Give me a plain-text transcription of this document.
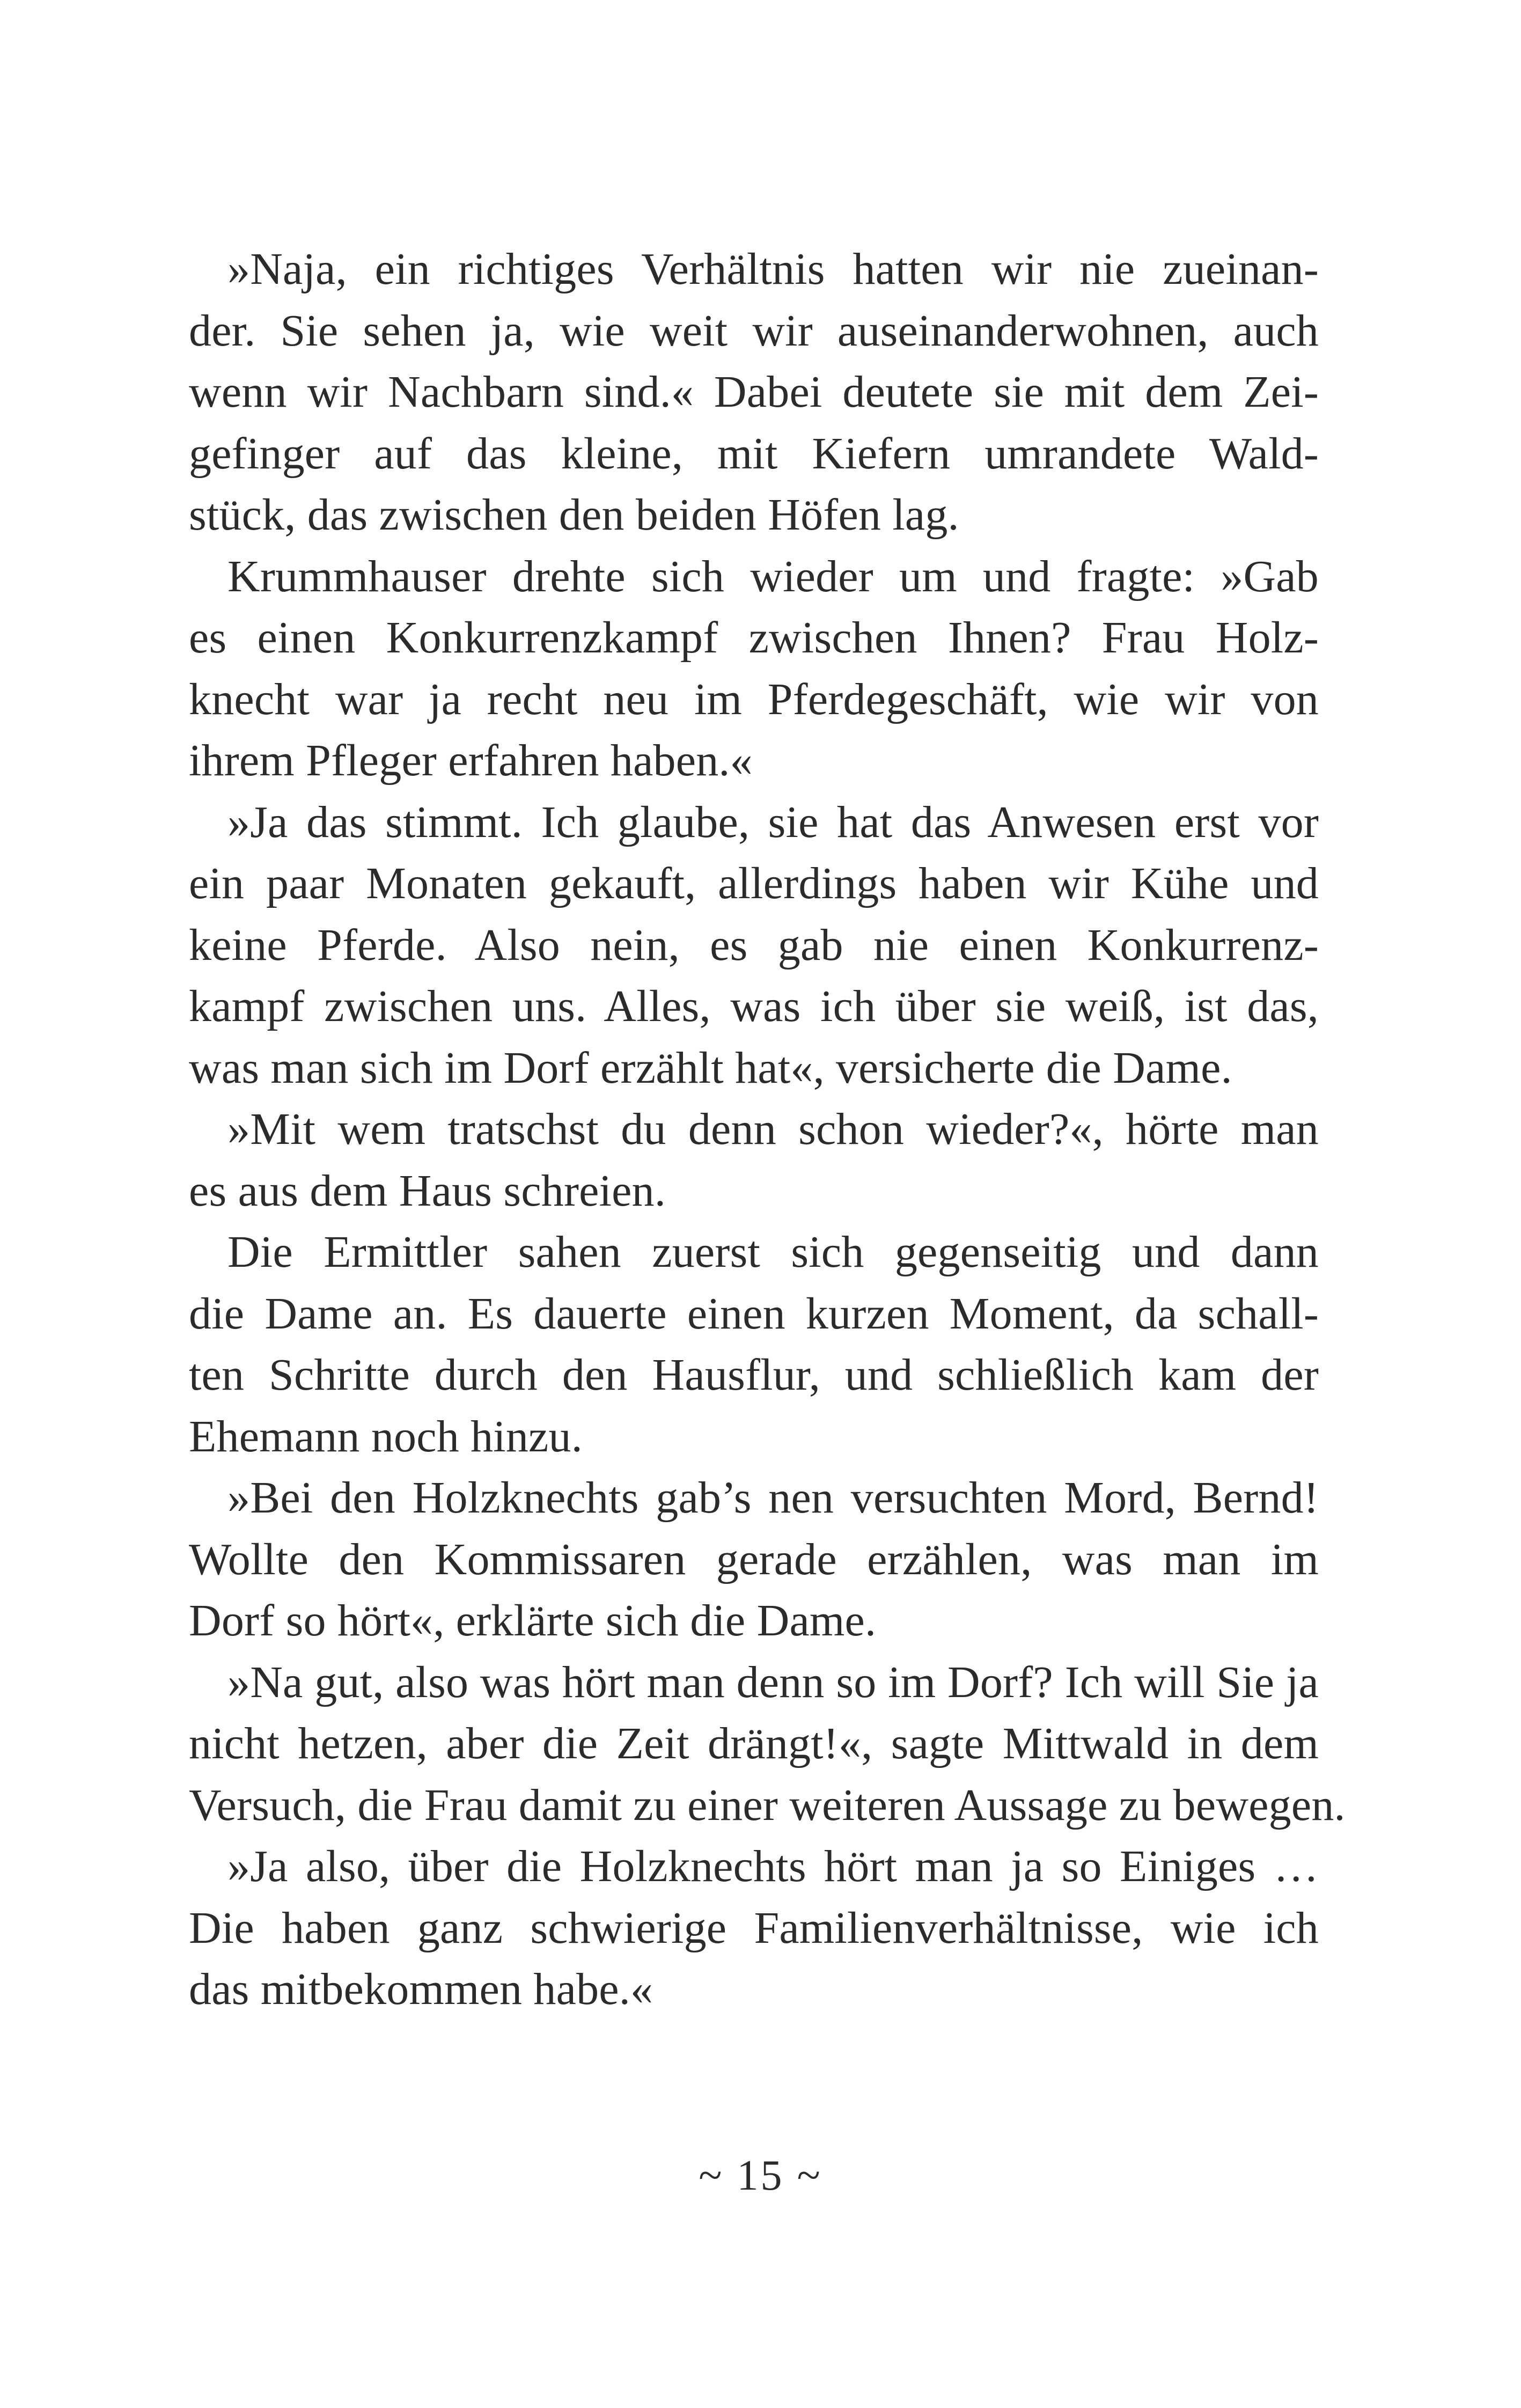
»Naja, ein richtiges Verhältnis hatten wir nie zueinan-
der. Sie sehen ja, wie weit wir auseinanderwohnen, auch
wenn wir Nachbarn sind.« Dabei deutete sie mit dem Zei-
gefinger auf das kleine, mit Kiefern umrandete Wald-
stück, das zwischen den beiden Höfen lag.
Krummhauser drehte sich wieder um und fragte: »Gab
es einen Konkurrenzkampf zwischen Ihnen? Frau Holz-
knecht war ja recht neu im Pferdegeschäft, wie wir von
ihrem Pfleger erfahren haben.«
»Ja das stimmt. Ich glaube, sie hat das Anwesen erst vor
ein paar Monaten gekauft, allerdings haben wir Kühe und
keine Pferde. Also nein, es gab nie einen Konkurrenz-
kampf zwischen uns. Alles, was ich über sie weiß, ist das,
was man sich im Dorf erzählt hat«, versicherte die Dame.
»Mit wem tratschst du denn schon wieder?«, hörte man
es aus dem Haus schreien.
Die Ermittler sahen zuerst sich gegenseitig und dann
die Dame an. Es dauerte einen kurzen Moment, da schall-
ten Schritte durch den Hausflur, und schließlich kam der
Ehemann noch hinzu.
»Bei den Holzknechts gab’s nen versuchten Mord, Bernd!
Wollte den Kommissaren gerade erzählen, was man im
Dorf so hört«, erklärte sich die Dame.
»Na gut, also was hört man denn so im Dorf? Ich will Sie ja
nicht hetzen, aber die Zeit drängt!«, sagte Mittwald in dem
Versuch, die Frau damit zu einer weiteren Aussage zu bewegen.
»Ja also, über die Holzknechts hört man ja so Einiges …
Die haben ganz schwierige Familienverhältnisse, wie ich
das mitbekommen habe.«
~ 15 ~
